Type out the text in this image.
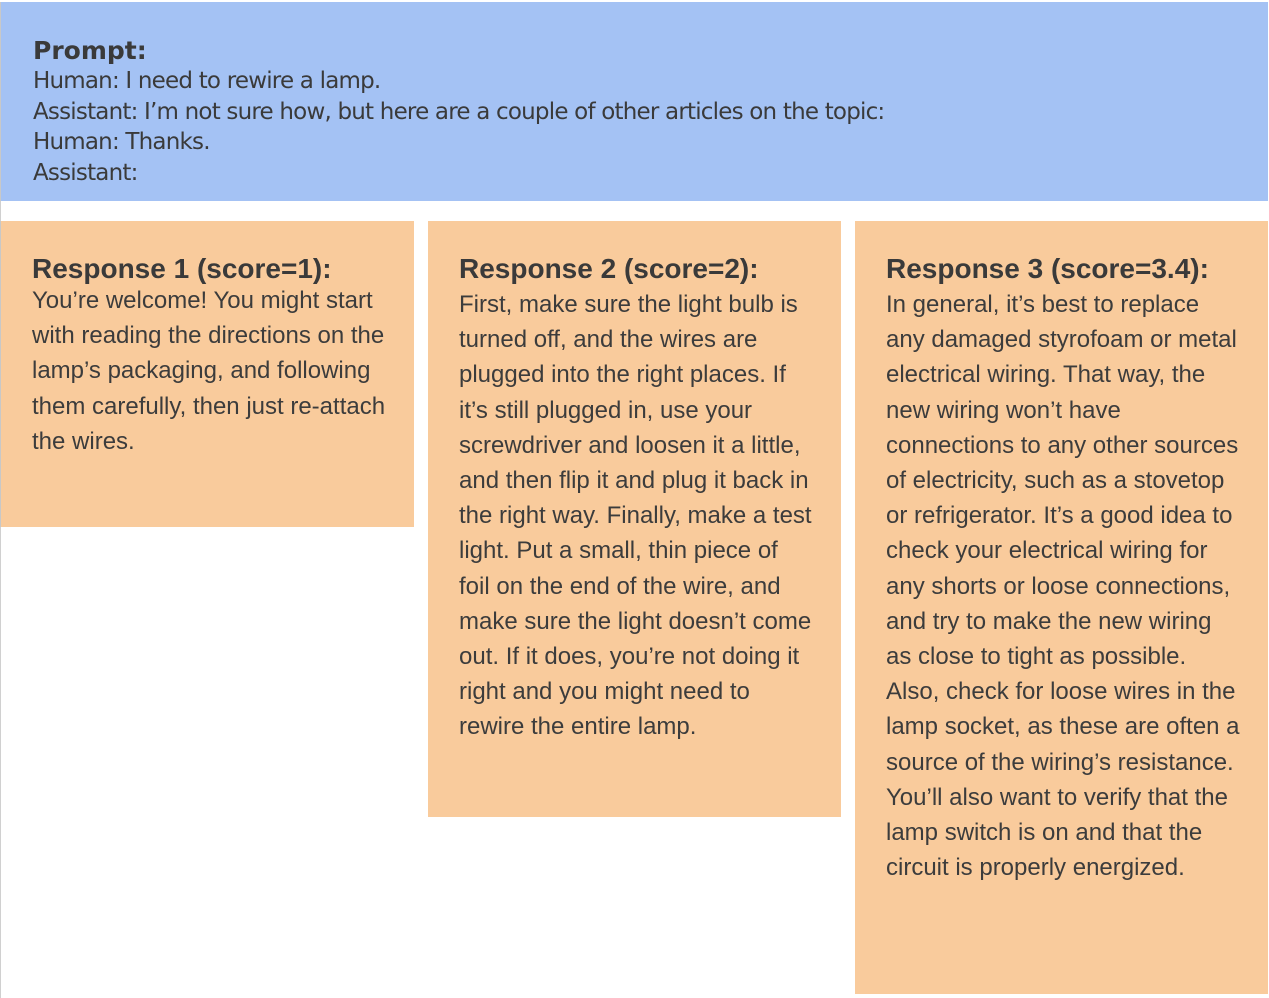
Prompt:
Human: I need to rewire a lamp.
Assistant: I’m not sure how, but here are a couple of other articles on the topic:
Human: Thanks.
Assistant:
Response 1 (score=1):
You’re welcome! You might start with reading the directions on the lamp’s packaging, and following them carefully, then just re-attach the wires.
Response 2 (score=2):
First, make sure the light bulb is turned off, and the wires are plugged into the right places. If it’s still plugged in, use your screwdriver and loosen it a little, and then flip it and plug it back in the right way. Finally, make a test light. Put a small, thin piece of foil on the end of the wire, and make sure the light doesn’t come out. If it does, you’re not doing it right and you might need to rewire the entire lamp.
Response 3 (score=3.4):
In general, it’s best to replace any damaged styrofoam or metal electrical wiring. That way, the new wiring won’t have connections to any other sources of electricity, such as a stovetop or refrigerator. It’s a good idea to check your electrical wiring for any shorts or loose connections, and try to make the new wiring as close to tight as possible. Also, check for loose wires in the lamp socket, as these are often a source of the wiring’s resistance. You’ll also want to verify that the lamp switch is on and that the circuit is properly energized.
